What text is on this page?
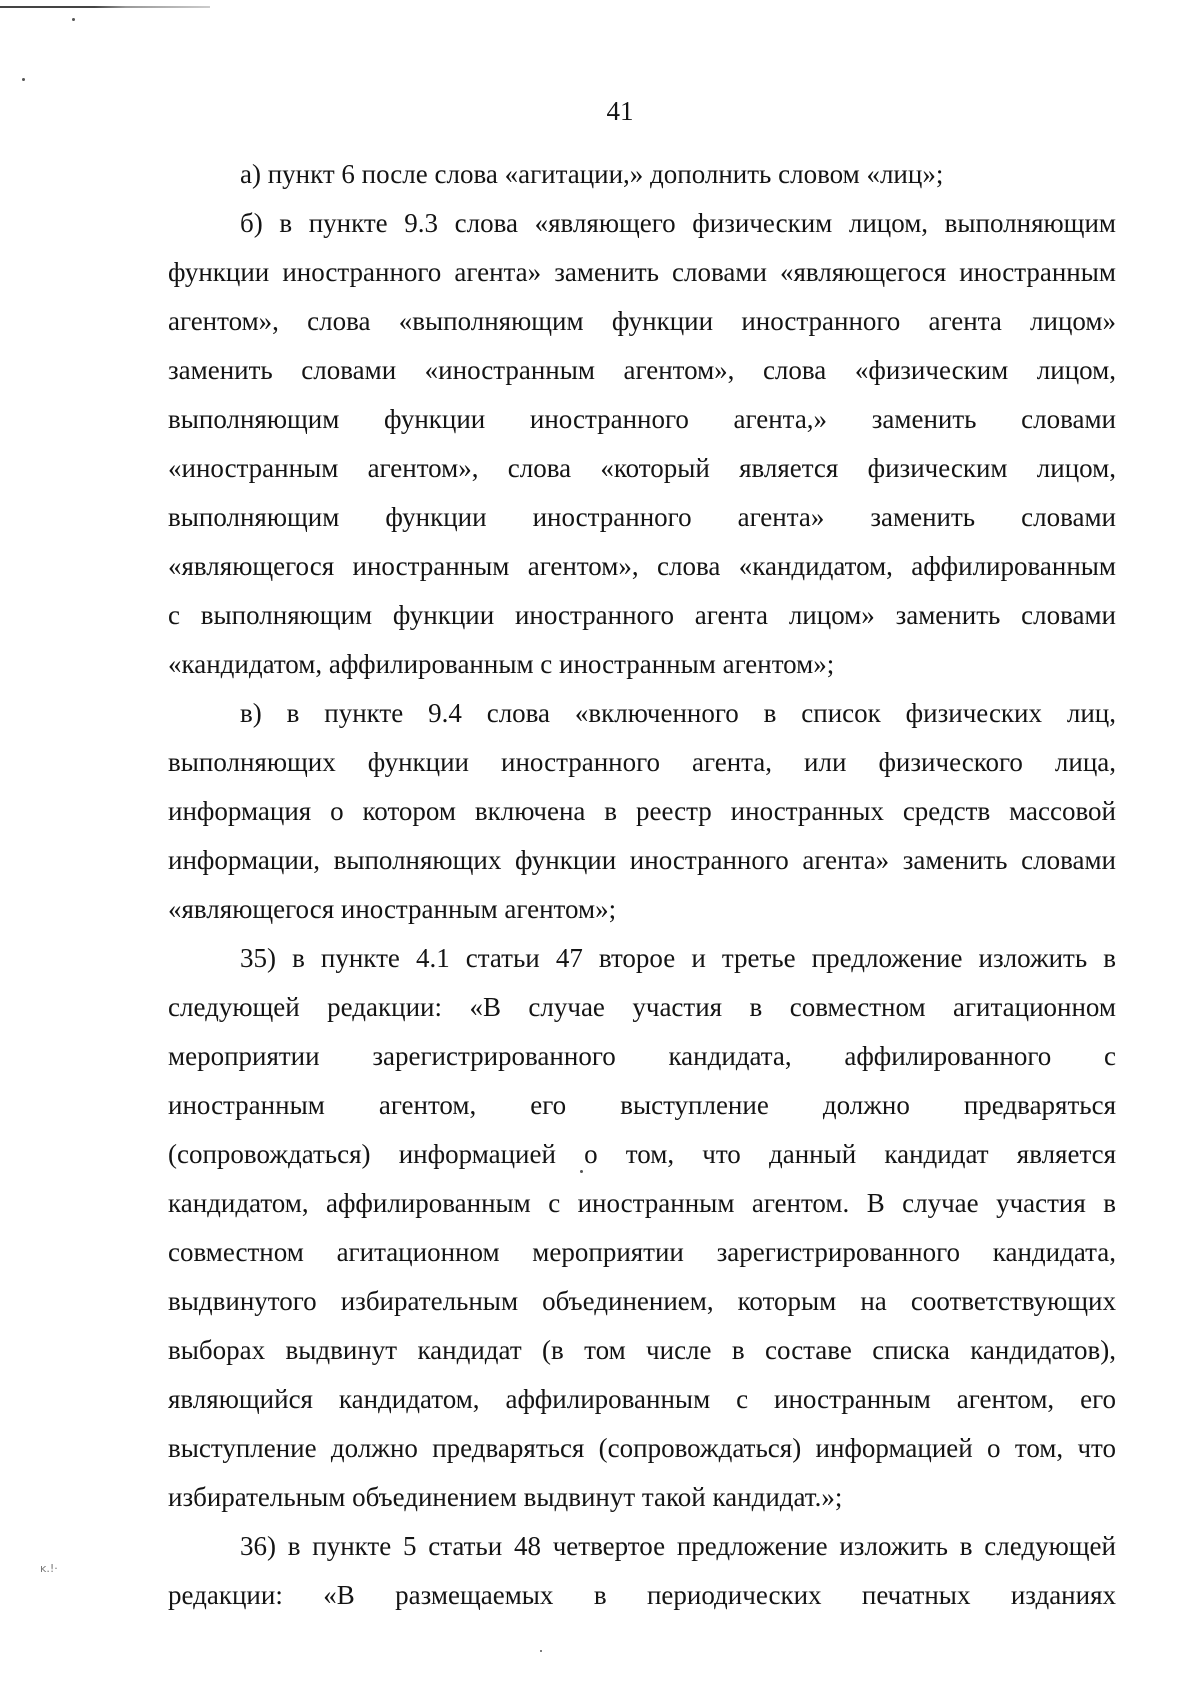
41
а) пункт 6 после слова «агитации,» дополнить словом «лиц»;
б) в пункте 9.3 слова «являющего физическим лицом, выполняющим
функции иностранного агента» заменить словами «являющегося иностранным
агентом», слова «выполняющим функции иностранного агента лицом»
заменить словами «иностранным агентом», слова «физическим лицом,
выполняющим функции иностранного агента,» заменить словами
«иностранным агентом», слова «который является физическим лицом,
выполняющим функции иностранного агента» заменить словами
«являющегося иностранным агентом», слова «кандидатом, аффилированным
с выполняющим функции иностранного агента лицом» заменить словами
«кандидатом, аффилированным с иностранным агентом»;
в) в пункте 9.4 слова «включенного в список физических лиц,
выполняющих функции иностранного агента, или физического лица,
информация о котором включена в реестр иностранных средств массовой
информации, выполняющих функции иностранного агента» заменить словами
«являющегося иностранным агентом»;
35) в пункте 4.1 статьи 47 второе и третье предложение изложить в
следующей редакции: «В случае участия в совместном агитационном
мероприятии зарегистрированного кандидата, аффилированного с
иностранным агентом, его выступление должно предваряться
(сопровождаться) информацией о том, что данный кандидат является
кандидатом, аффилированным с иностранным агентом. В случае участия в
совместном агитационном мероприятии зарегистрированного кандидата,
выдвинутого избирательным объединением, которым на соответствующих
выборах выдвинут кандидат (в том числе в составе списка кандидатов),
являющийся кандидатом, аффилированным с иностранным агентом, его
выступление должно предваряться (сопровождаться) информацией о том, что
избирательным объединением выдвинут такой кандидат.»;
36) в пункте 5 статьи 48 четвертое предложение изложить в следующей
редакции: «В размещаемых в периодических печатных изданиях
ĸ.!·
